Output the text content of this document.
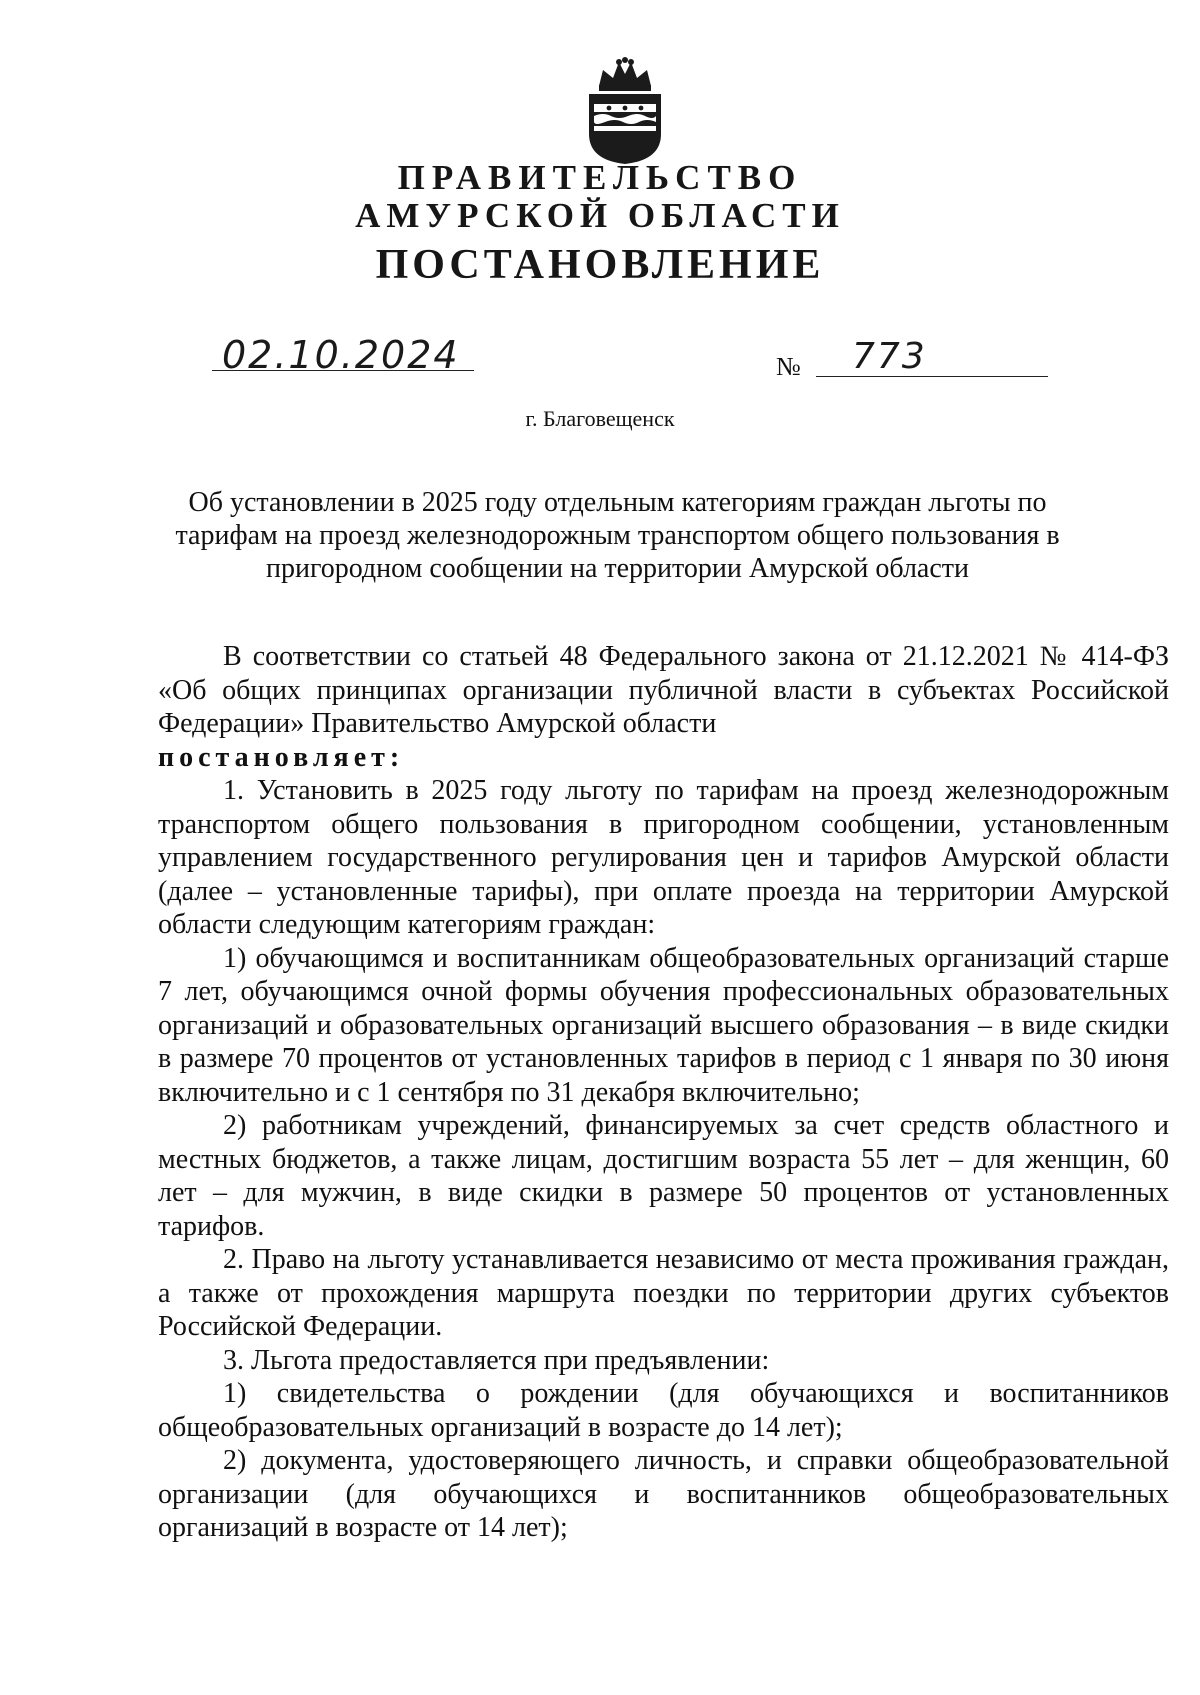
ПРАВИТЕЛЬСТВО
АМУРСКОЙ ОБЛАСТИ
ПОСТАНОВЛЕНИЕ
02.10.2024	№ 773
г. Благовещенск
Об установлении в 2025 году отдельным категориям граждан льготы по
тарифам на проезд железнодорожным транспортом общего пользования в
пригородном сообщении на территории Амурской области

В соответствии со статьей 48 Федерального закона от 21.12.2021 № 414-ФЗ «Об общих принципах организации публичной власти в субъектах Российской Федерации» Правительство Амурской области

постановляет:

1. Установить в 2025 году льготу по тарифам на проезд железнодорожным транспортом общего пользования в пригородном сообщении, установленным управлением государственного регулирования цен и тарифов Амурской области (далее – установленные тарифы), при оплате проезда на территории Амурской области следующим категориям граждан:

1) обучающимся и воспитанникам общеобразовательных организаций старше 7 лет, обучающимся очной формы обучения профессиональных образовательных организаций и образовательных организаций высшего образования – в виде скидки в размере 70 процентов от установленных тарифов в период с 1 января по 30 июня включительно и с 1 сентября по 31 декабря включительно;

2) работникам учреждений, финансируемых за счет средств областного и местных бюджетов, а также лицам, достигшим возраста 55 лет – для женщин, 60 лет – для мужчин, в виде скидки в размере 50 процентов от установленных тарифов.

2. Право на льготу устанавливается независимо от места проживания граждан, а также от прохождения маршрута поездки по территории других субъектов Российской Федерации.

3. Льгота предоставляется при предъявлении:

1) свидетельства о рождении (для обучающихся и воспитанников общеобразовательных организаций в возрасте до 14 лет);

2) документа, удостоверяющего личность, и справки общеобразовательной организации (для обучающихся и воспитанников общеобразовательных организаций в возрасте от 14 лет);
